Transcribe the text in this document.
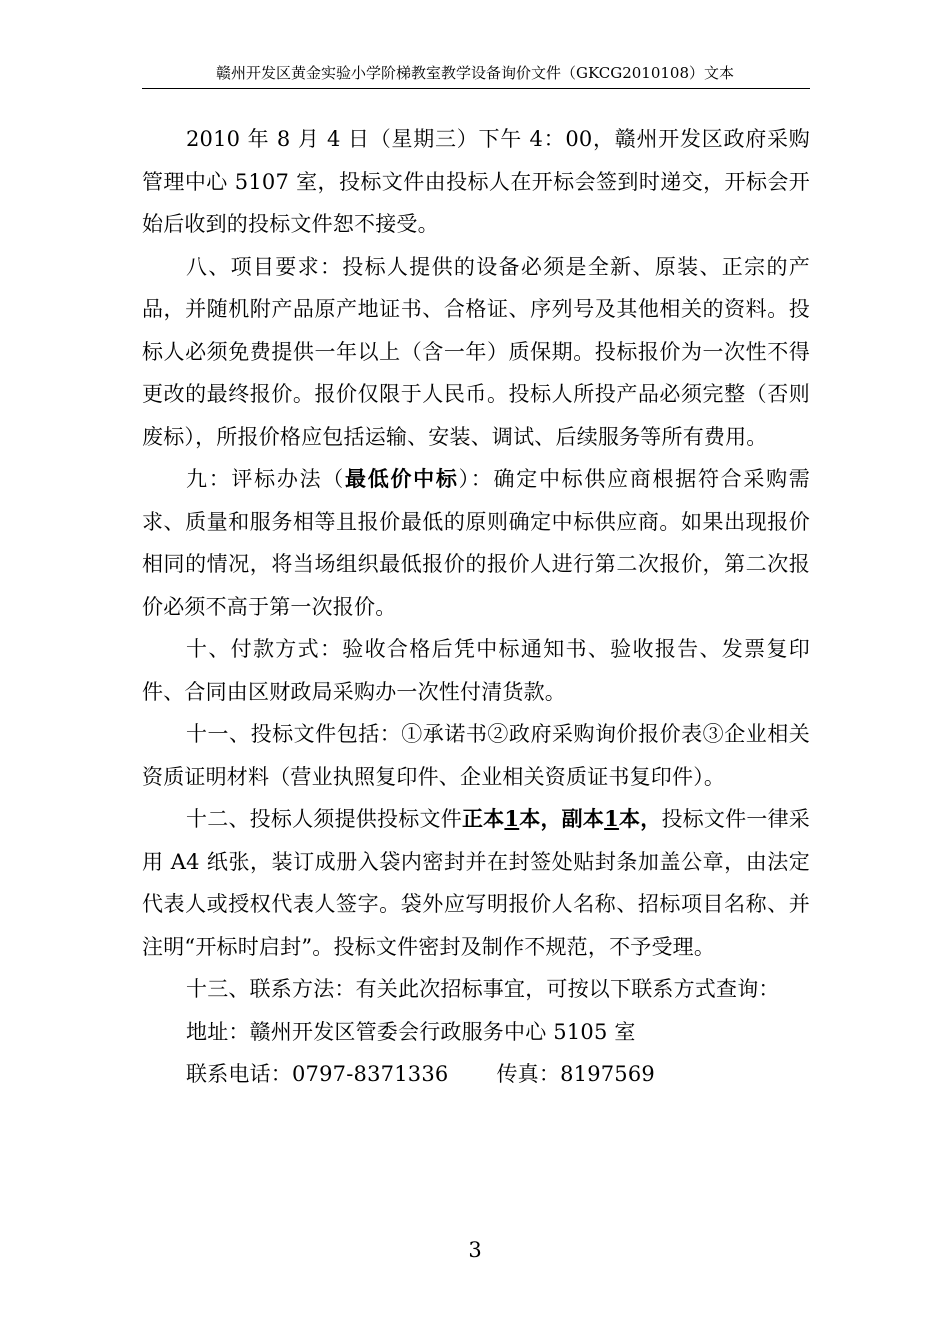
赣州开发区黄金实验小学阶梯教室教学设备询价文件（GKCG2010108）文本

2010 年 8 月 4 日（星期三）下午 4：00，赣州开发区政府采购管理中心 5107 室，投标文件由投标人在开标会签到时递交，开标会开始后收到的投标文件恕不接受。

八、项目要求：投标人提供的设备必须是全新、原装、正宗的产品，并随机附产品原产地证书、合格证、序列号及其他相关的资料。投标人必须免费提供一年以上（含一年）质保期。投标报价为一次性不得更改的最终报价。报价仅限于人民币。投标人所投产品必须完整（否则废标），所报价格应包括运输、安装、调试、后续服务等所有费用。

九：评标办法（最低价中标）：确定中标供应商根据符合采购需求、质量和服务相等且报价最低的原则确定中标供应商。如果出现报价相同的情况，将当场组织最低报价的报价人进行第二次报价，第二次报价必须不高于第一次报价。

十、付款方式：验收合格后凭中标通知书、验收报告、发票复印件、合同由区财政局采购办一次性付清货款。

十一、投标文件包括：①承诺书②政府采购询价报价表③企业相关资质证明材料（营业执照复印件、企业相关资质证书复印件）。

十二、投标人须提供投标文件正本1本，副本1本，投标文件一律采用 A4 纸张，装订成册入袋内密封并在封签处贴封条加盖公章，由法定代表人或授权代表人签字。袋外应写明报价人名称、招标项目名称、并注明“开标时启封”。投标文件密封及制作不规范，不予受理。

十三、联系方法：有关此次招标事宜，可按以下联系方式查询：

地址：赣州开发区管委会行政服务中心 5105 室

联系电话：0797-8371336 传真：8197569

3
